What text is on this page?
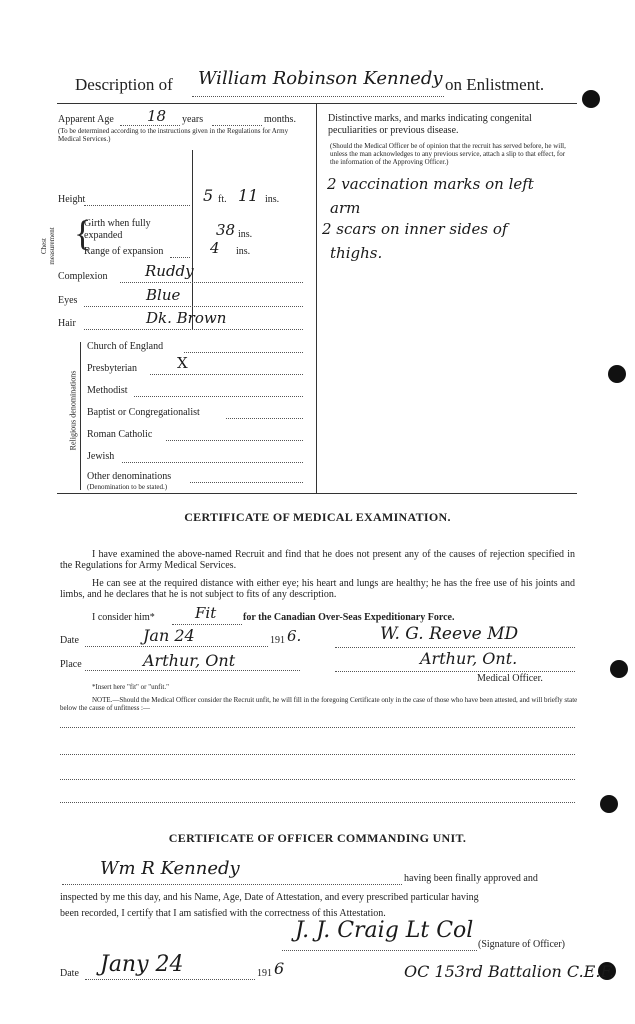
Description of William Robinson Kennedy on Enlistment.
Apparent Age 18 years	months.
(To be determined according to the instructions given in the Regulations for Army Medical Services.)
Height	5 ft. 11 ins.
Chest measurement {
Girth when fully expanded	38 ins.
Range of expansion	4 ins.
Complexion	Ruddy
Eyes	Blue
Hair	Dk. Brown
Religious denominations
Church of England
Presbyterian	X
Methodist
Baptist or Congregationalist
Roman Catholic
Jewish
Other denominations
(Denomination to be stated.)
Distinctive marks, and marks indicating congenital peculiarities or previous disease.
(Should the Medical Officer be of opinion that the recruit has served before, he will, unless the man acknowledges to any previous service, attach a slip to that effect, for the information of the Approving Officer.)
2 vaccination marks on left
arm
2 scars on inner sides of
thighs.
CERTIFICATE OF MEDICAL EXAMINATION.
I have examined the above-named Recruit and find that he does not present any of the causes of rejection specified in the Regulations for Army Medical Services.
He can see at the required distance with either eye; his heart and lungs are healthy; he has the free use of his joints and limbs, and he declares that he is not subject to fits of any description.
I consider him*	Fit	for the Canadian Over-Seas Expeditionary Force.
Date	Jan 24	191 6.	W. G. Reeve MD
Place	Arthur, Ont	Arthur, Ont.
Medical Officer.
*Insert here "fit" or "unfit."
NOTE.—Should the Medical Officer consider the Recruit unfit, he will fill in the foregoing Certificate only in the case of those who have been attested, and will briefly state below the cause of unfitness :—
CERTIFICATE OF OFFICER COMMANDING UNIT.
Wm R Kennedy	having been finally approved and
inspected by me this day, and his Name, Age, Date of Attestation, and every prescribed particular having
been recorded, I certify that I am satisfied with the correctness of this Attestation.
J. J. Craig Lt Col
(Signature of Officer)
Date Jany 24	191 6	OC 153rd Battalion C.E.F.
